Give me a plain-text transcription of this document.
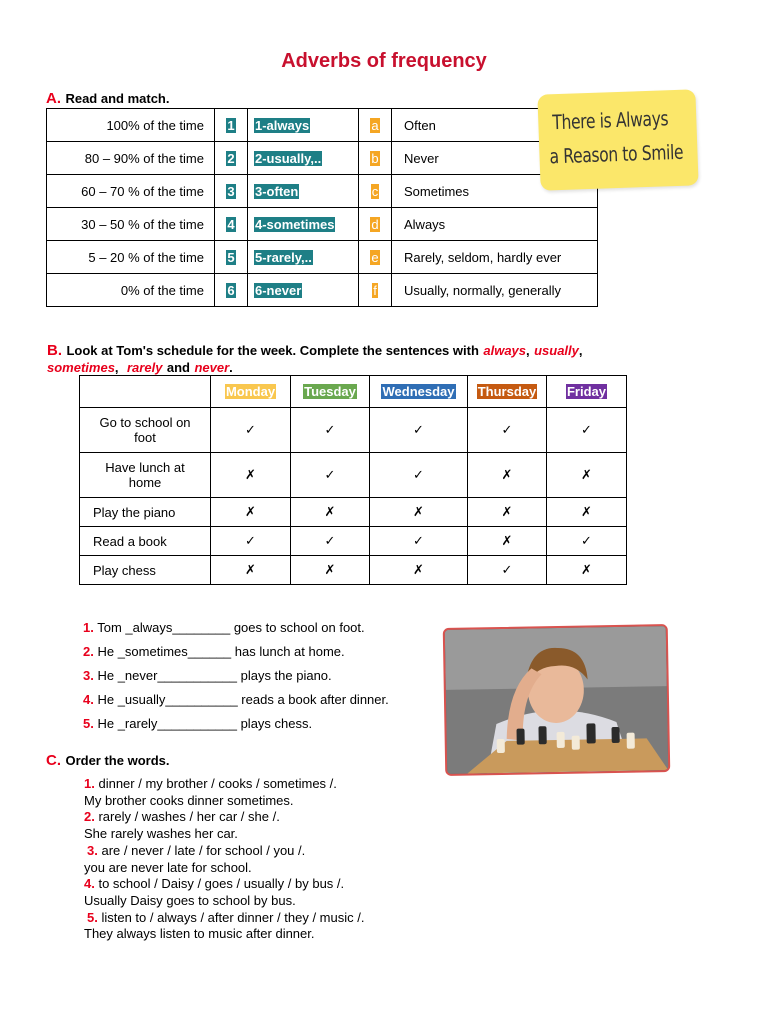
Adverbs of frequency
A. Read and match.
100% of the time	1	1-always	a	Often
80 – 90% of the time	2	2-usually,..	b	Never
60 – 70 % of the time	3	3-often	c	Sometimes
30 – 50 % of the time	4	4-sometimes	d	Always
5 – 20 % of the time	5	5-rarely,..	e	Rarely, seldom, hardly ever
0% of the time	6	6-never	f	Usually, normally, generally
There is Always
a Reason to Smile
B. Look at Tom's schedule for the week. Complete the sentences with always, usually,
sometimes, rarely and never.
	Monday	Tuesday	Wednesday	Thursday	Friday
Go to school on foot	✓	✓	✓	✓	✓
Have lunch at home	✗	✓	✓	✗	✗
Play the piano	✗	✗	✗	✗	✗
Read a book	✓	✓	✓	✗	✓
Play chess	✗	✗	✗	✓	✗
1. Tom _always________ goes to school on foot.
2. He _sometimes______ has lunch at home.
3. He _never___________ plays the piano.
4. He _usually__________ reads a book after dinner.
5. He _rarely___________ plays chess.
C. Order the words.
1. dinner / my brother / cooks / sometimes /.
My brother cooks dinner sometimes.
2. rarely / washes / her car / she /.
She rarely washes her car.
3. are / never / late / for school / you /.
you are never late for school.
4. to school / Daisy / goes / usually / by bus /.
Usually Daisy goes to school by bus.
5. listen to / always / after dinner / they / music /.
They always listen to music after dinner.
